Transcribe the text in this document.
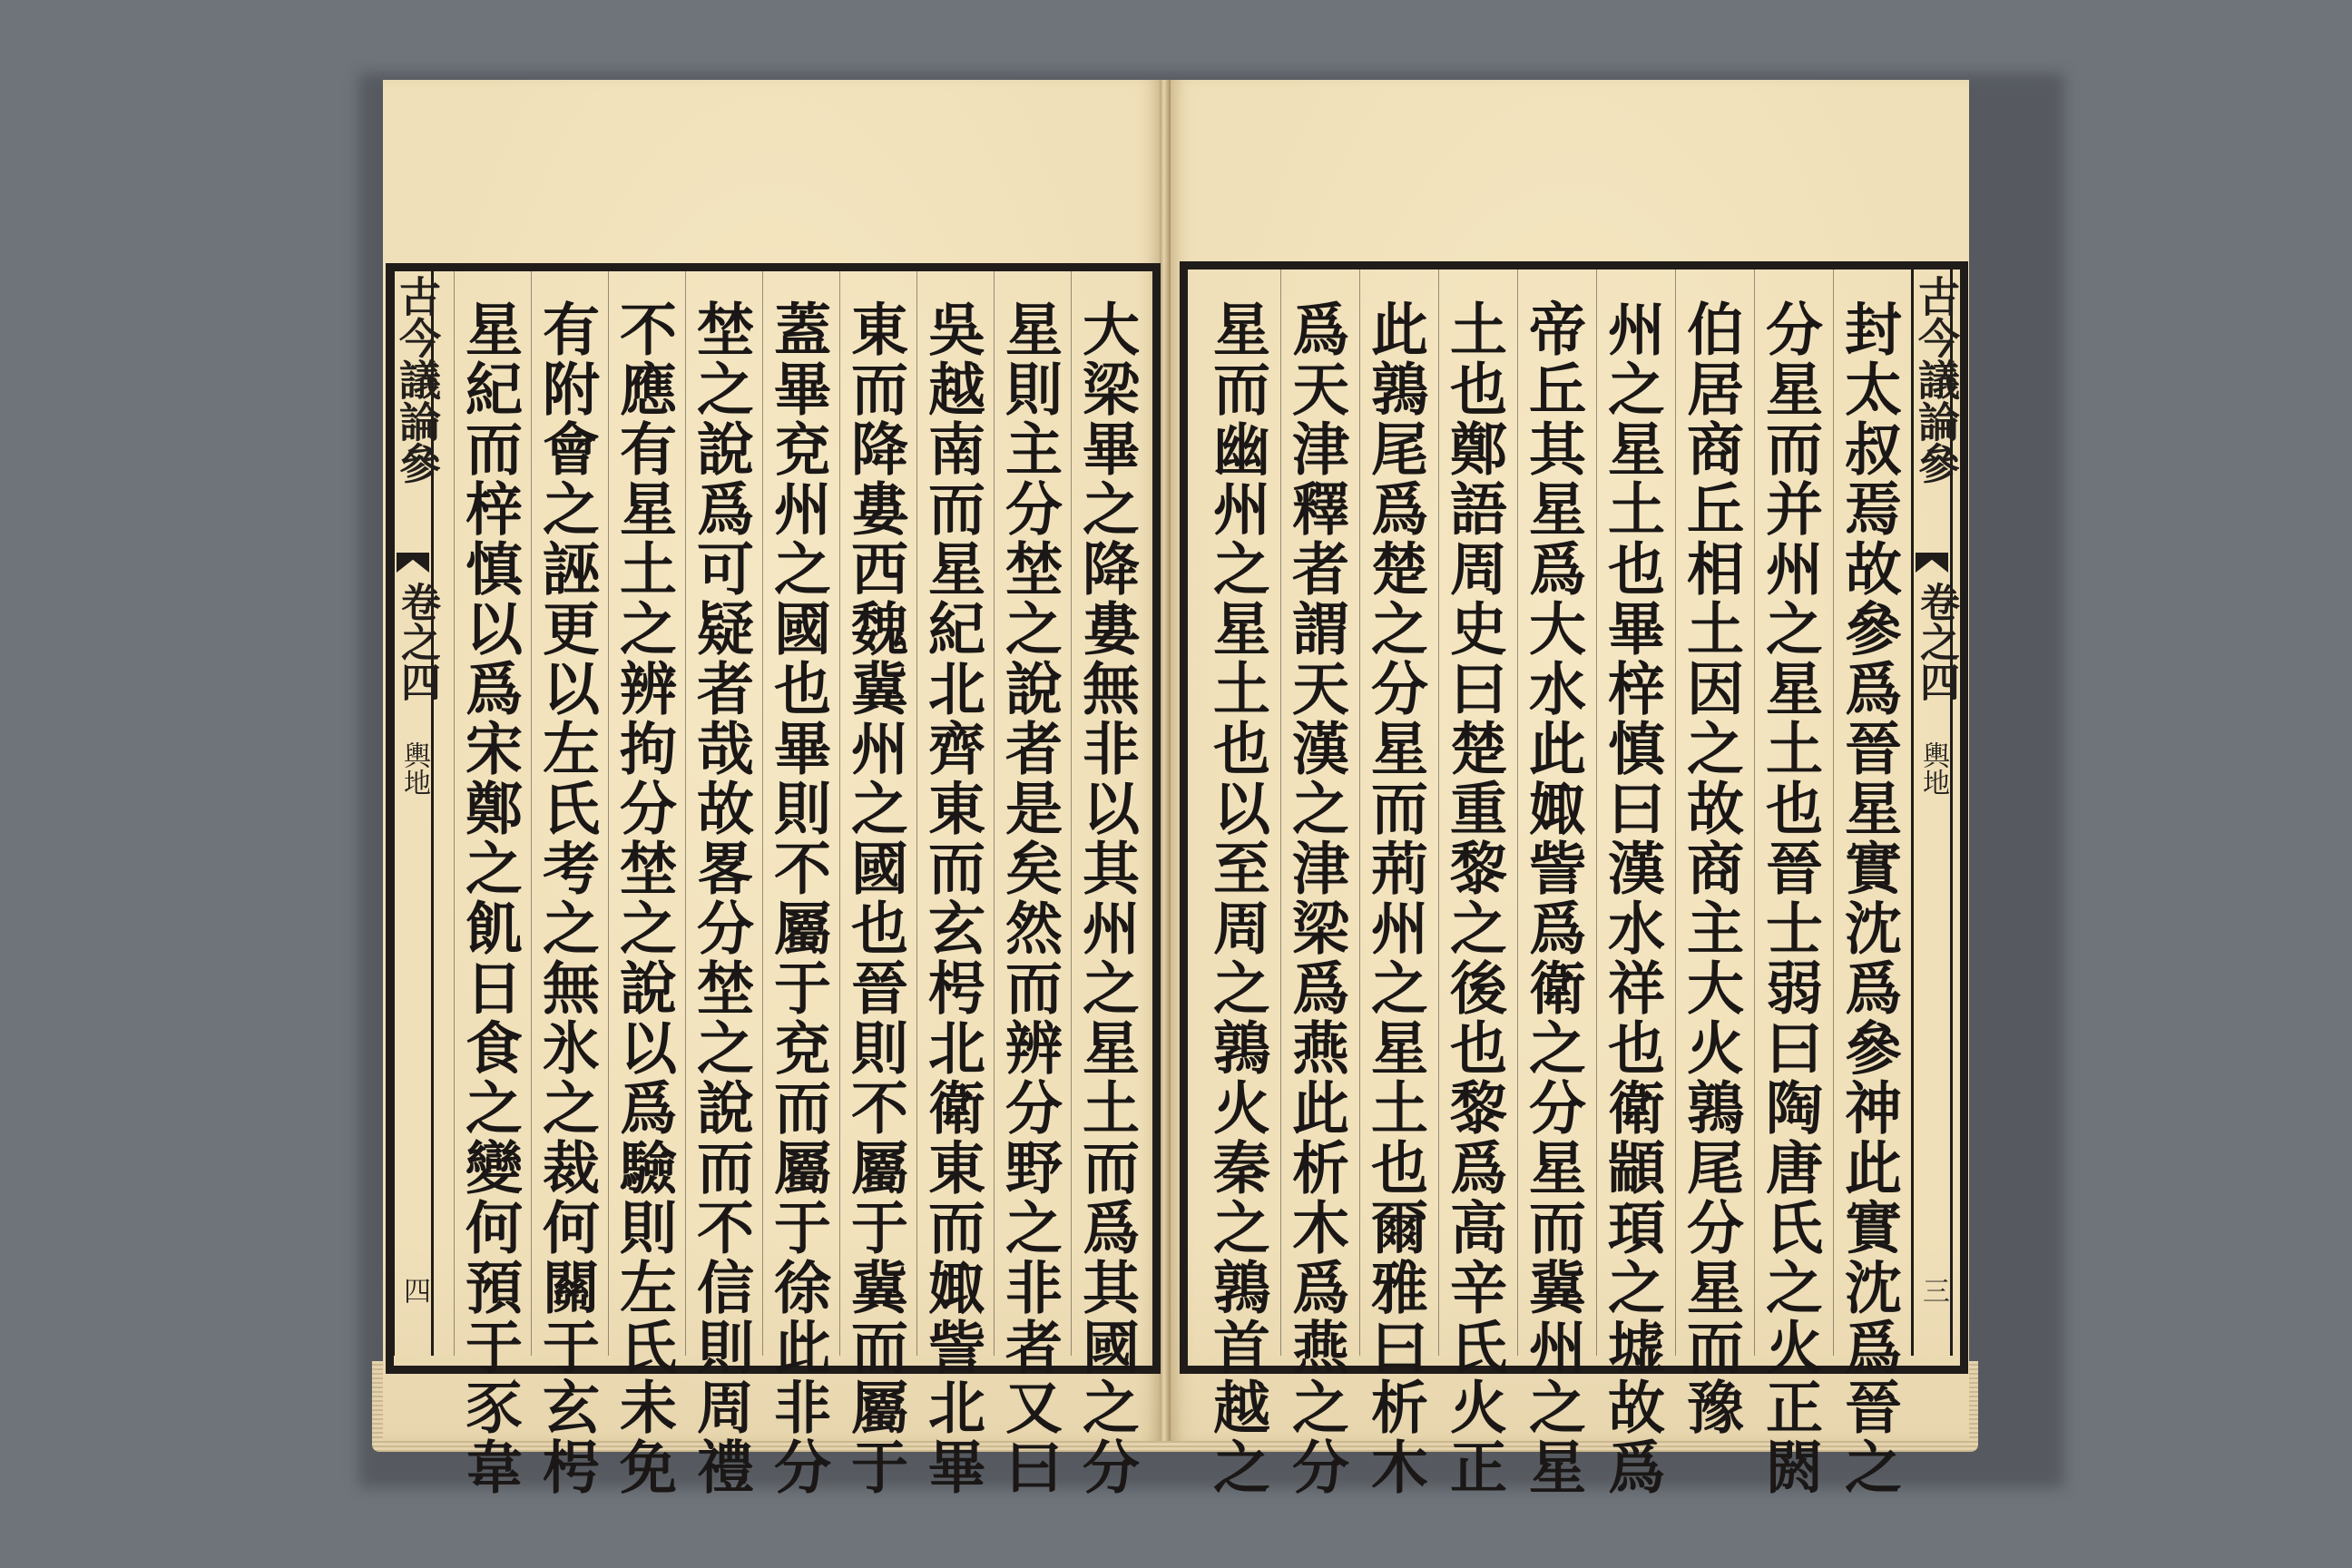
古今議論參
卷之四
輿地
四
古今議論參
卷之四
輿地
三
大梁畢之降婁無非以其州之星土而爲其國之分
星則主分埜之說者是矣然而辨分野之非者又曰
吳越南而星紀北齊東而玄枵北衛東而娵訾北畢
東而降婁西魏冀州之國也晉則不屬于冀而屬于
蓋畢兗州之國也畢則不屬于兗而屬于徐此非分
埜之說爲可疑者哉故畧分埜之說而不信則周禮
不應有星土之辨拘分埜之說以爲驗則左氏未免
有附會之誣更以左氏考之無氷之裁何關于玄枵
星紀而梓慎以爲宋鄭之飢日食之變何預于豕韋	封太叔焉故參爲晉星實沈爲參神此實沈爲晉之
分星而并州之星土也晉士弱曰陶唐氏之火正閼
伯居商丘相土因之故商主大火鶉尾分星而豫
州之星土也畢梓慎曰漢水祥也衛顓頊之墟故爲
帝丘其星爲大水此娵訾爲衛之分星而冀州之星
土也鄭語周史曰楚重黎之後也黎爲高辛氏火正
此鶉尾爲楚之分星而荊州之星土也爾雅曰析木
爲天津釋者謂天漢之津梁爲燕此析木爲燕之分
星而幽州之星土也以至周之鶉火秦之鶉首越之
